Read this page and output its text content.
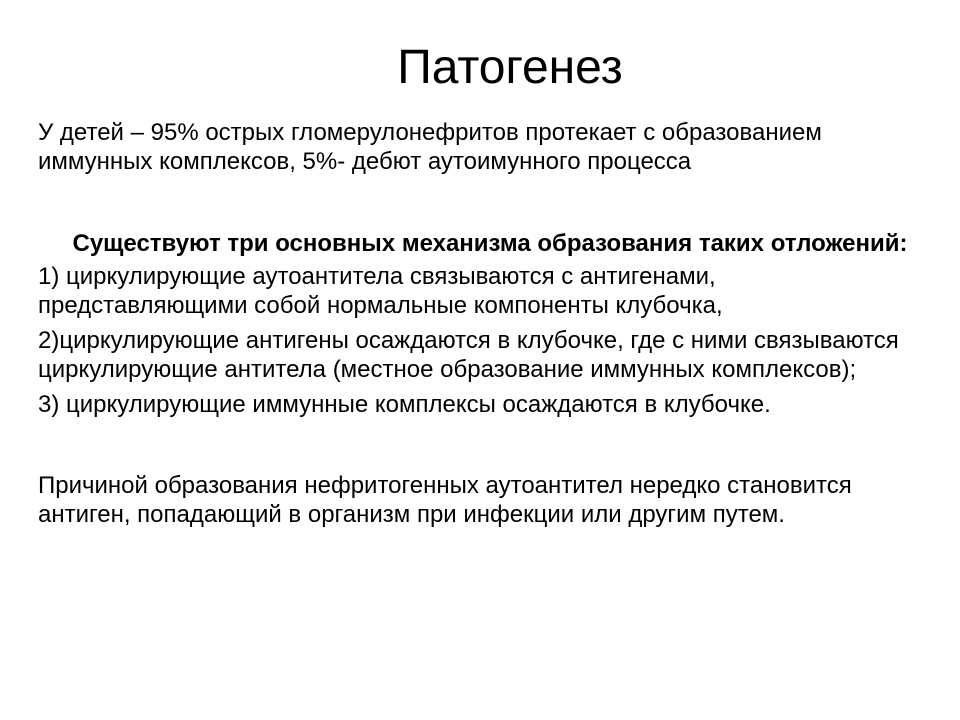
Патогенез

У детей – 95% острых гломерулонефритов протекает с образованием иммунных комплексов, 5%- дебют аутоимунного процесса

Существуют три основных механизма образования таких отложений:

1) циркулирующие аутоантитела связываются с антигенами, представляющими собой нормальные компоненты клубочка,

2)циркулирующие антигены осаждаются в клубочке, где с ними связываются циркулирующие антитела (местное образование иммунных комплексов);

3) циркулирующие иммунные комплексы осаждаются в клубочке.

Причиной образования нефритогенных аутоантител нередко становится антиген, попадающий в организм при инфекции или другим путем.
